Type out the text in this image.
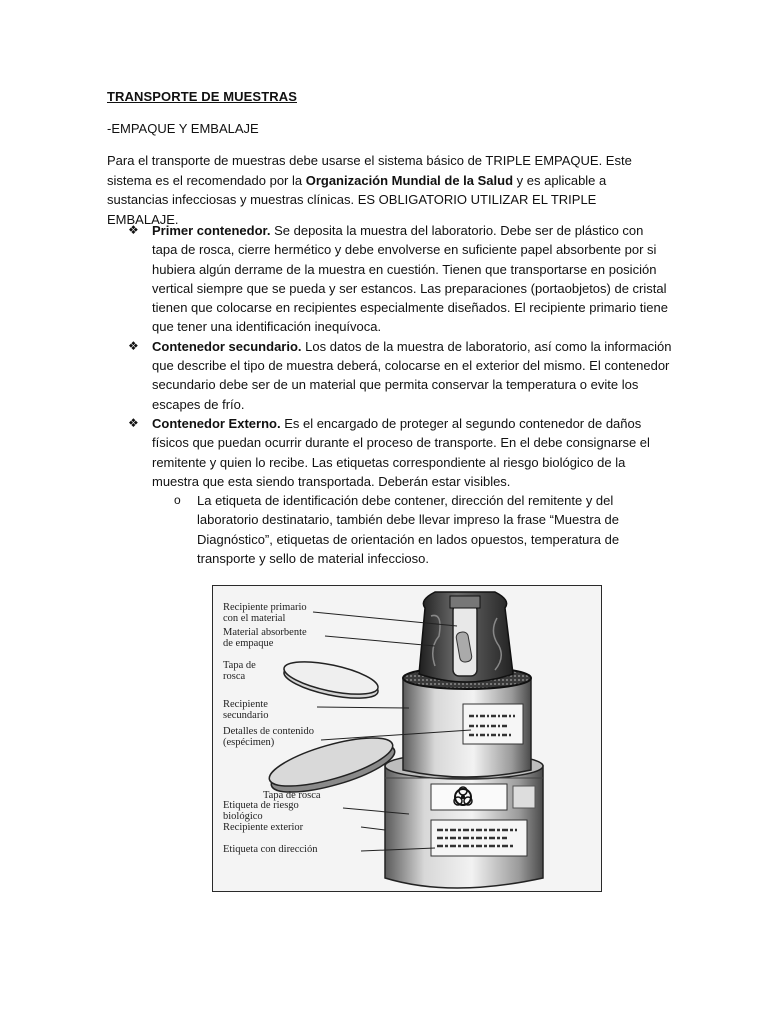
TRANSPORTE DE MUESTRAS
-EMPAQUE Y EMBALAJE

Para el transporte de muestras debe usarse el sistema básico de TRIPLE EMPAQUE. Este sistema es el recomendado por la Organización Mundial de la Salud y es aplicable a sustancias infecciosas y muestras clínicas. ES OBLIGATORIO UTILIZAR EL TRIPLE EMBALAJE.

❖ Primer contenedor. Se deposita la muestra del laboratorio. Debe ser de plástico con tapa de rosca, cierre hermético y debe envolverse en suficiente papel absorbente por si hubiera algún derrame de la muestra en cuestión. Tienen que transportarse en posición vertical siempre que se pueda y ser estancos. Las preparaciones (portaobjetos) de cristal tienen que colocarse en recipientes especialmente diseñados. El recipiente primario tiene que tener una identificación inequívoca.
❖ Contenedor secundario. Los datos de la muestra de laboratorio, así como la información que describe el tipo de muestra deberá, colocarse en el exterior del mismo. El contenedor secundario debe ser de un material que permita conservar la temperatura o evite los escapes de frío.
❖ Contenedor Externo. Es el encargado de proteger al segundo contenedor de daños físicos que puedan ocurrir durante el proceso de transporte. En el debe consignarse el remitente y quien lo recibe. Las etiquetas correspondiente al riesgo biológico de la muestra que esta siendo transportada. Deberán estar visibles.
o La etiqueta de identificación debe contener, dirección del remitente y del laboratorio destinatario, también debe llevar impreso la frase “Muestra de Diagnóstico”, etiquetas de orientación en lados opuestos, temperatura de transporte y sello de material infeccioso.
Recipiente primario
con el material
Material absorbente
de empaque
Tapa de
rosca
Recipiente
secundario
Detalles de contenido
(espécimen)
Tapa de rosca
Etiqueta de riesgo
biológico
Recipiente exterior
Etiqueta con dirección
